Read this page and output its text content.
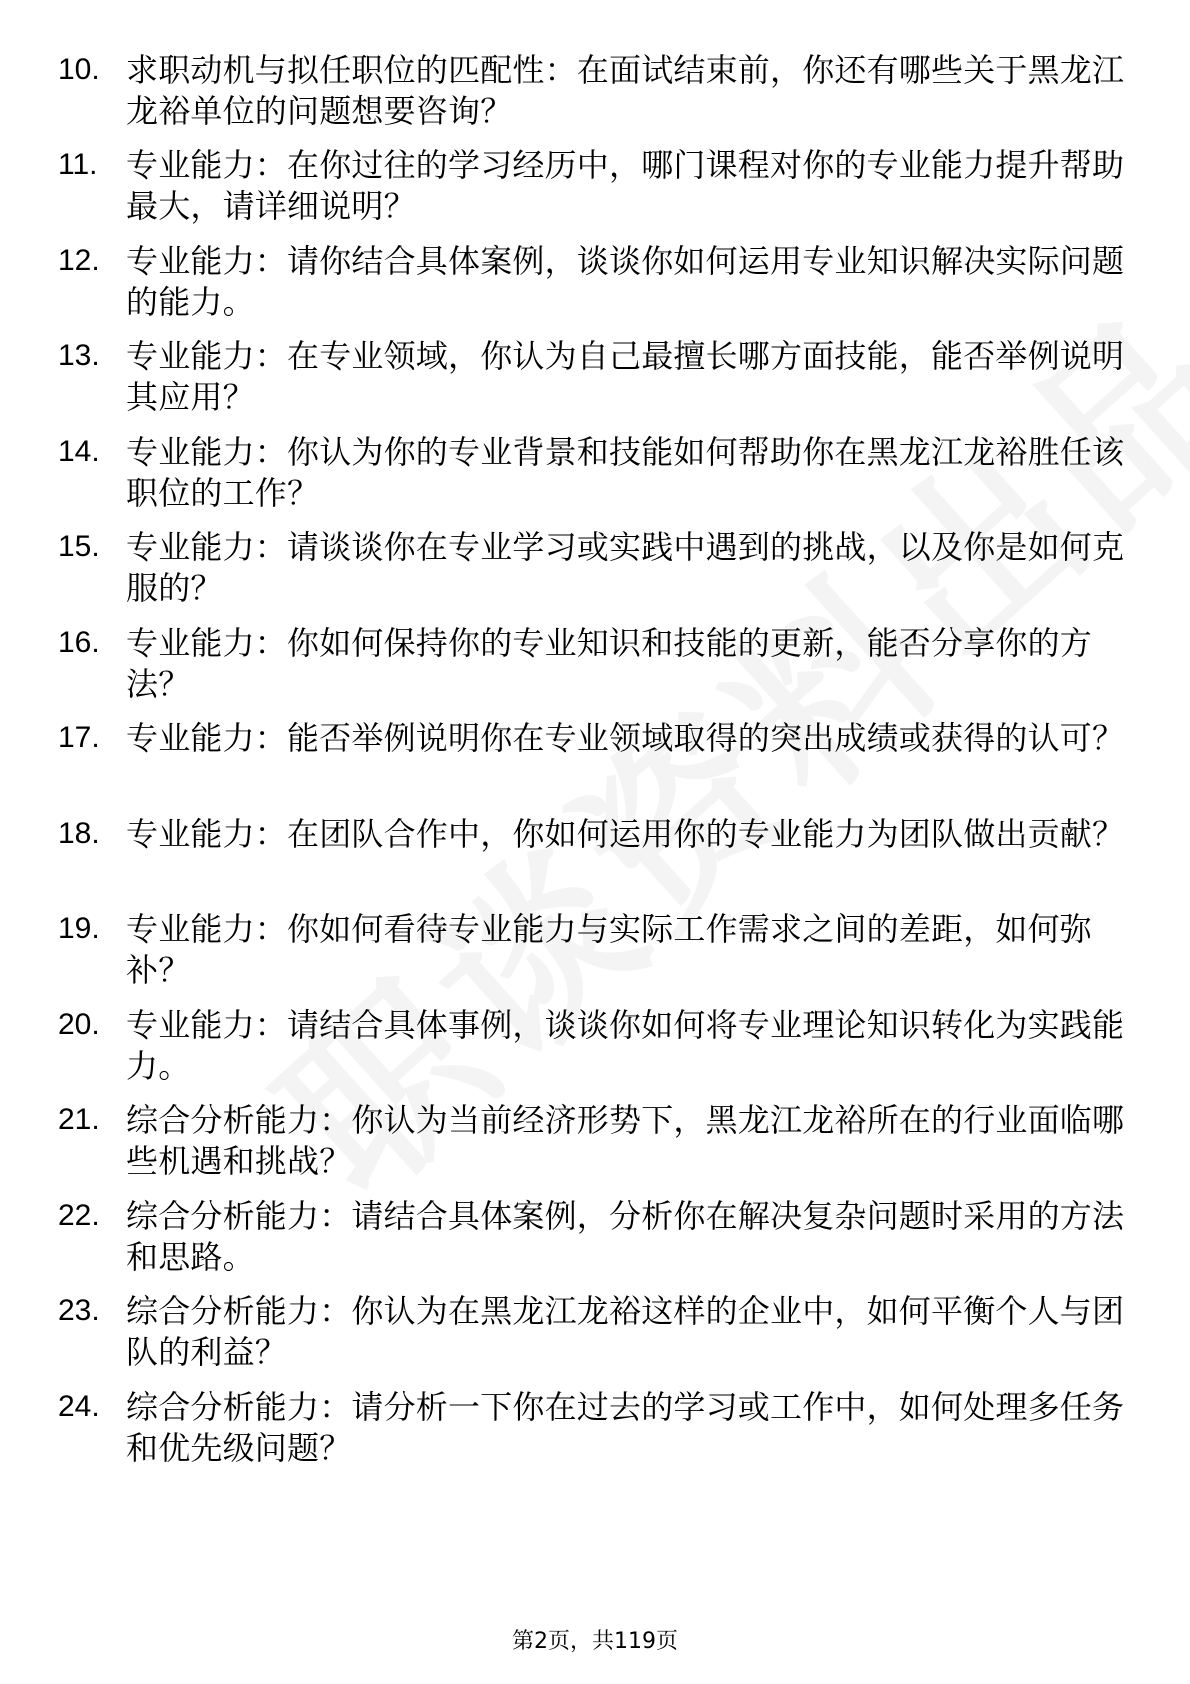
10. 求职动机与拟任职位的匹配性：在面试结束前，你还有哪些关于黑龙江龙裕单位的问题想要咨询？
11. 专业能力：在你过往的学习经历中，哪门课程对你的专业能力提升帮助最大，请详细说明？
12. 专业能力：请你结合具体案例，谈谈你如何运用专业知识解决实际问题的能力。
13. 专业能力：在专业领域，你认为自己最擅长哪方面技能，能否举例说明其应用？
14. 专业能力：你认为你的专业背景和技能如何帮助你在黑龙江龙裕胜任该职位的工作？
15. 专业能力：请谈谈你在专业学习或实践中遇到的挑战，以及你是如何克服的？
16. 专业能力：你如何保持你的专业知识和技能的更新，能否分享你的方法？
17. 专业能力：能否举例说明你在专业领域取得的突出成绩或获得的认可？
18. 专业能力：在团队合作中，你如何运用你的专业能力为团队做出贡献？
19. 专业能力：你如何看待专业能力与实际工作需求之间的差距，如何弥补？
20. 专业能力：请结合具体事例，谈谈你如何将专业理论知识转化为实践能力。
21. 综合分析能力：你认为当前经济形势下，黑龙江龙裕所在的行业面临哪些机遇和挑战？
22. 综合分析能力：请结合具体案例，分析你在解决复杂问题时采用的方法和思路。
23. 综合分析能力：你认为在黑龙江龙裕这样的企业中，如何平衡个人与团队的利益？
24. 综合分析能力：请分析一下你在过去的学习或工作中，如何处理多任务和优先级问题？
第2页，共119页
